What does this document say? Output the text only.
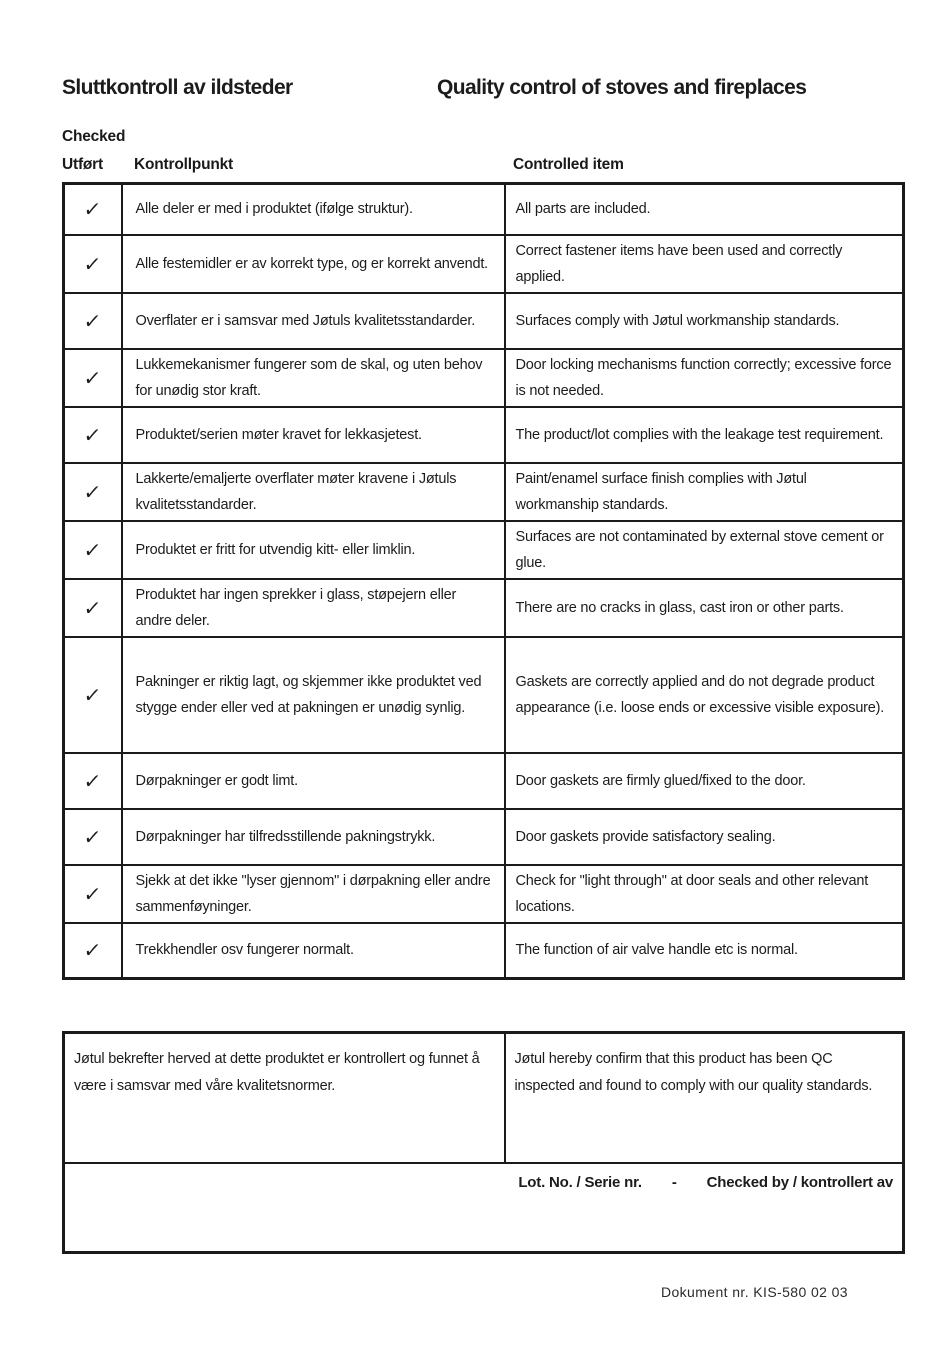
Sluttkontroll av ildsteder	Quality control of stoves and fireplaces
Checked
Utført Kontrollpunkt	Controlled item
✓	Alle deler er med i produktet (ifølge struktur).	All parts are included.
✓	Alle festemidler er av korrekt type, og er korrekt anvendt.	Correct fastener items have been used and correctly applied.
✓	Overflater er i samsvar med Jøtuls kvalitetsstandarder.	Surfaces comply with Jøtul workmanship standards.
✓	Lukkemekanismer fungerer som de skal, og uten behov for unødig stor kraft.	Door locking mechanisms function correctly; excessive force is not needed.
✓	Produktet/serien møter kravet for lekkasjetest.	The product/lot complies with the leakage test requirement.
✓	Lakkerte/emaljerte overflater møter kravene i Jøtuls kvalitetsstandarder.	Paint/enamel surface finish complies with Jøtul workmanship standards.
✓	Produktet er fritt for utvendig kitt- eller limklin.	Surfaces are not contaminated by external stove cement or glue.
✓	Produktet har ingen sprekker i glass, støpejern eller andre deler.	There are no cracks in glass, cast iron or other parts.
✓	Pakninger er riktig lagt, og skjemmer ikke produktet ved stygge ender eller ved at pakningen er unødig synlig.	Gaskets are correctly applied and do not degrade product appearance (i.e. loose ends or excessive visible exposure).
✓	Dørpakninger er godt limt.	Door gaskets are firmly glued/fixed to the door.
✓	Dørpakninger har tilfredsstillende pakningstrykk.	Door gaskets provide satisfactory sealing.
✓	Sjekk at det ikke "lyser gjennom" i dørpakning eller andre sammenføyninger.	Check for "light through" at door seals and other relevant locations.
✓	Trekkhendler osv fungerer normalt.	The function of air valve handle etc is normal.
Jøtul bekrefter herved at dette produktet er kontrollert og funnet å være i samsvar med våre kvalitetsnormer.	Jøtul hereby confirm that this product has been QC inspected and found to comply with our quality standards.
Lot. No. / Serie nr. - Checked by / kontrollert av
Dokument nr. KIS-580 02 03
